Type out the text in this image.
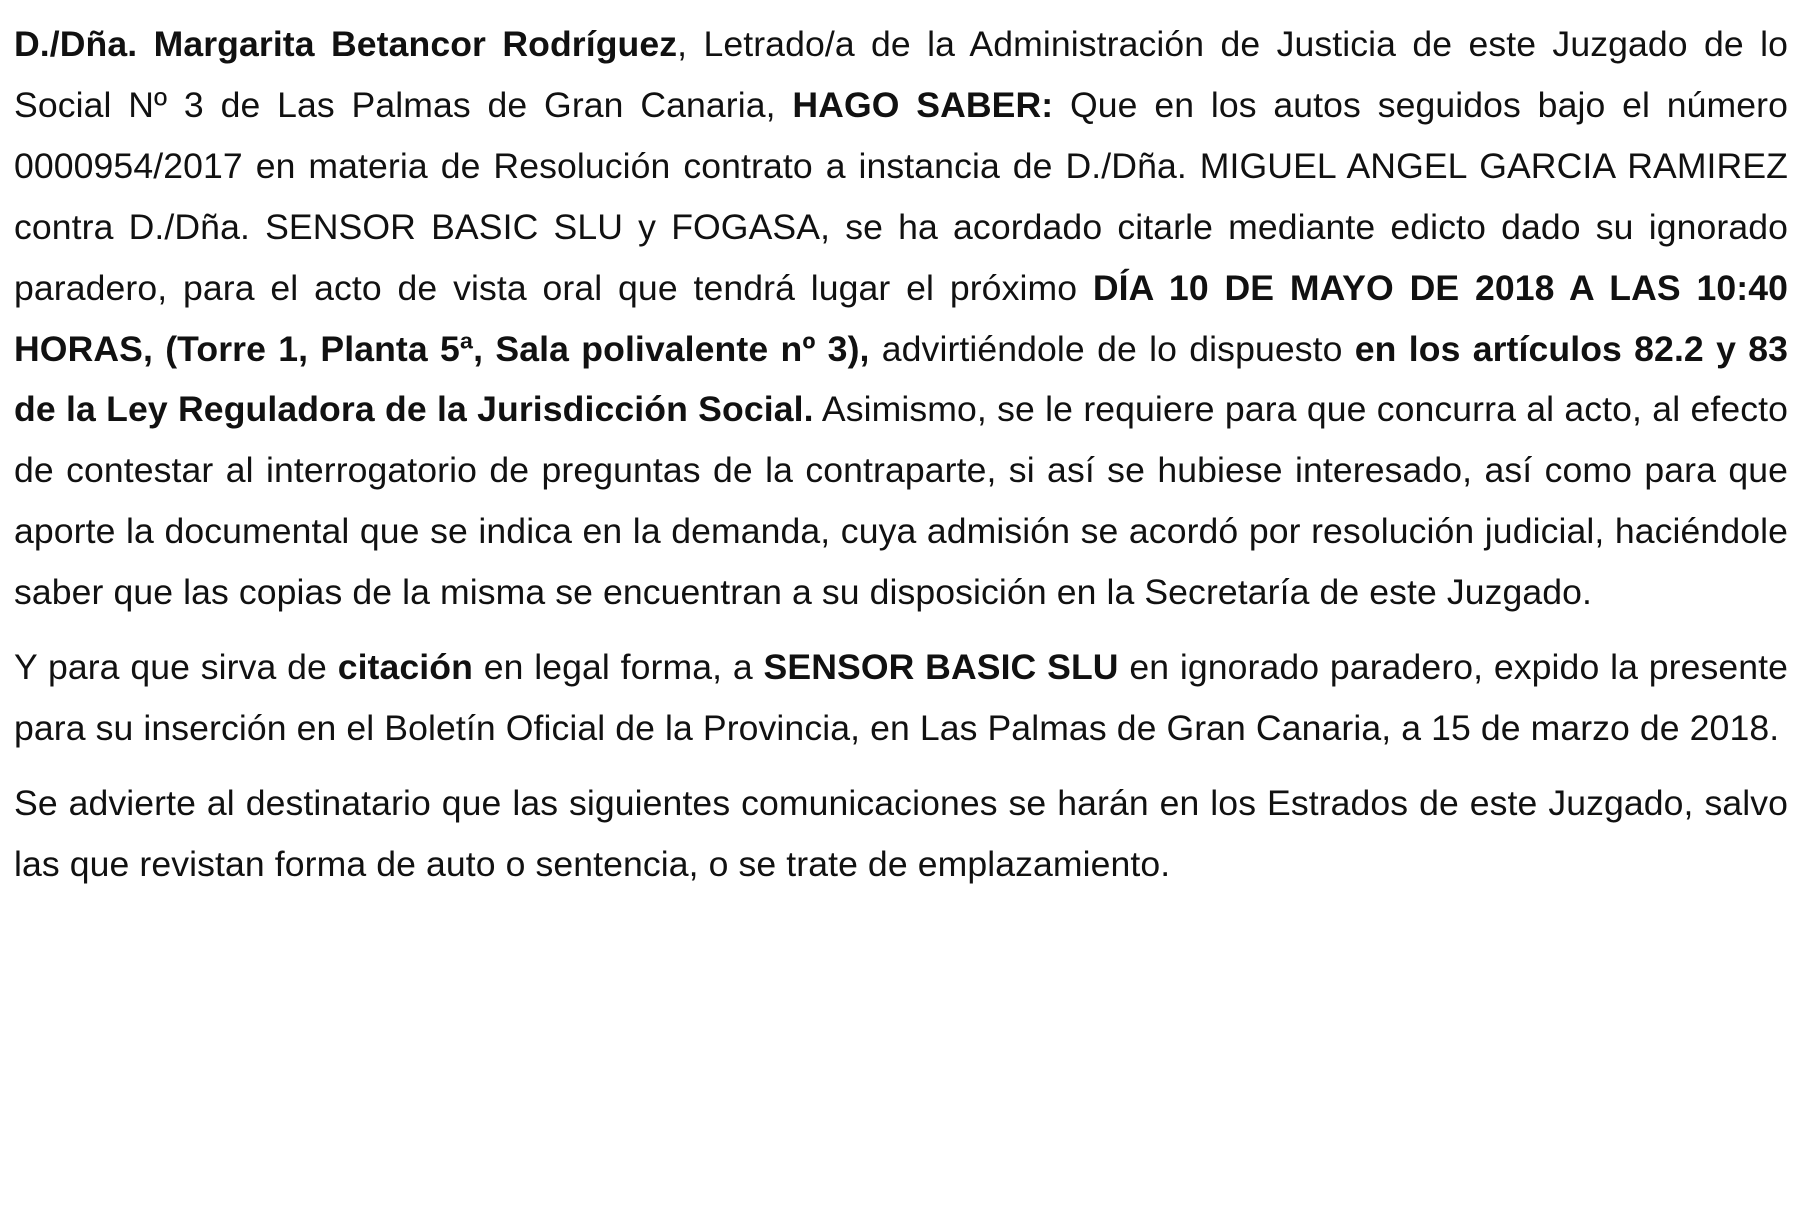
D./Dña. Margarita Betancor Rodríguez, Letrado/a de la Administración de Justicia de este Juzgado de lo Social Nº 3 de Las Palmas de Gran Canaria, HAGO SABER: Que en los autos seguidos bajo el número 0000954/2017 en materia de Resolución contrato a instancia de D./Dña. MIGUEL ANGEL GARCIA RAMIREZ contra D./Dña. SENSOR BASIC SLU y FOGASA, se ha acordado citarle mediante edicto dado su ignorado paradero, para el acto de vista oral que tendrá lugar el próximo DÍA 10 DE MAYO DE 2018 A LAS 10:40 HORAS, (Torre 1, Planta 5ª, Sala polivalente nº 3), advirtiéndole de lo dispuesto en los artículos 82.2 y 83 de la Ley Reguladora de la Jurisdicción Social. Asimismo, se le requiere para que concurra al acto, al efecto de contestar al interrogatorio de preguntas de la contraparte, si así se hubiese interesado, así como para que aporte la documental que se indica en la demanda, cuya admisión se acordó por resolución judicial, haciéndole saber que las copias de la misma se encuentran a su disposición en la Secretaría de este Juzgado.

Y para que sirva de citación en legal forma, a SENSOR BASIC SLU en ignorado paradero, expido la presente para su inserción en el Boletín Oficial de la Provincia, en Las Palmas de Gran Canaria, a 15 de marzo de 2018.

Se advierte al destinatario que las siguientes comunicaciones se harán en los Estrados de este Juzgado, salvo las que revistan forma de auto o sentencia, o se trate de emplazamiento.
